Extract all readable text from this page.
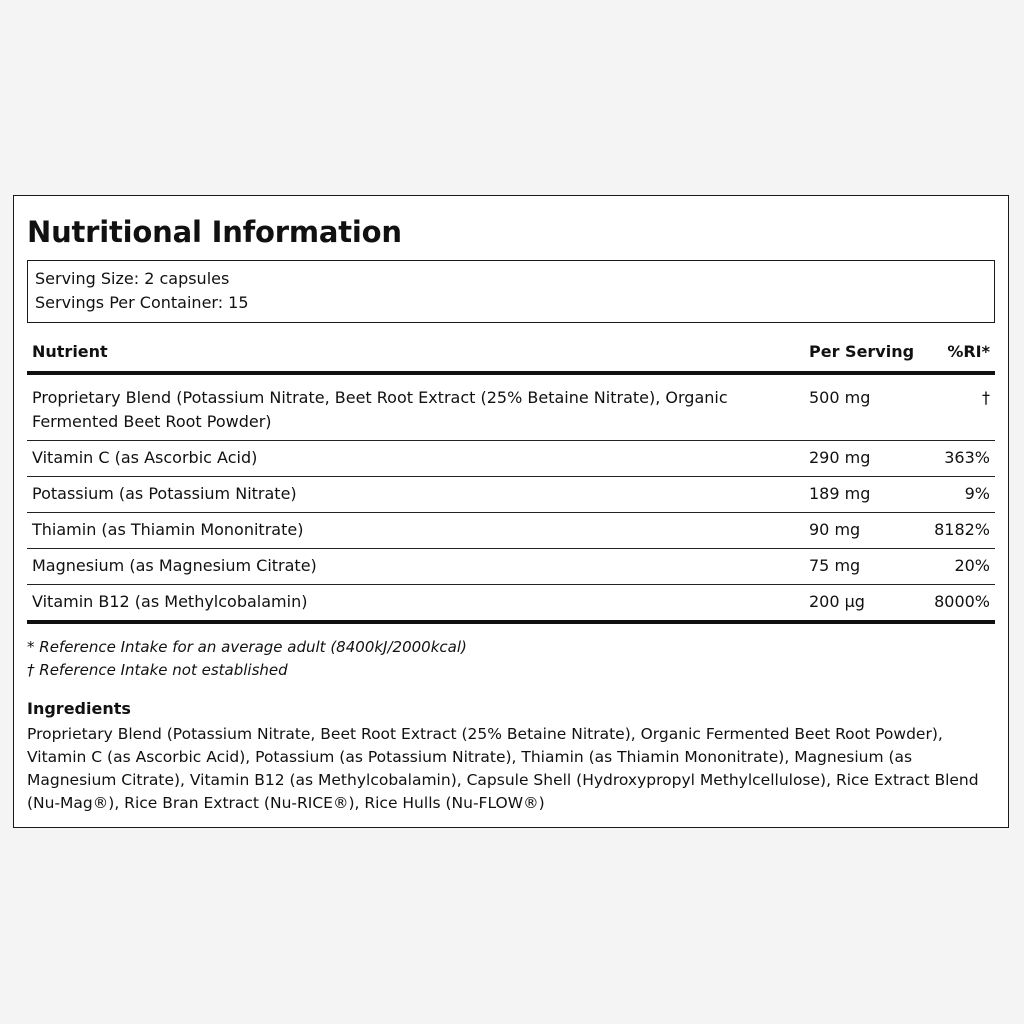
Nutritional Information
Serving Size: 2 capsules
Servings Per Container: 15
Nutrient	Per Serving	%RI*
Proprietary Blend (Potassium Nitrate, Beet Root Extract (25% Betaine Nitrate), Organic Fermented Beet Root Powder)	500 mg	†
Vitamin C (as Ascorbic Acid)	290 mg	363%
Potassium (as Potassium Nitrate)	189 mg	9%
Thiamin (as Thiamin Mononitrate)	90 mg	8182%
Magnesium (as Magnesium Citrate)	75 mg	20%
Vitamin B12 (as Methylcobalamin)	200 µg	8000%
* Reference Intake for an average adult (8400kJ/2000kcal)
† Reference Intake not established
Ingredients
Proprietary Blend (Potassium Nitrate, Beet Root Extract (25% Betaine Nitrate), Organic Fermented Beet Root Powder), Vitamin C (as Ascorbic Acid), Potassium (as Potassium Nitrate), Thiamin (as Thiamin Mononitrate), Magnesium (as Magnesium Citrate), Vitamin B12 (as Methylcobalamin), Capsule Shell (Hydroxypropyl Methylcellulose), Rice Extract Blend (Nu-Mag®), Rice Bran Extract (Nu-RICE®), Rice Hulls (Nu-FLOW®)
